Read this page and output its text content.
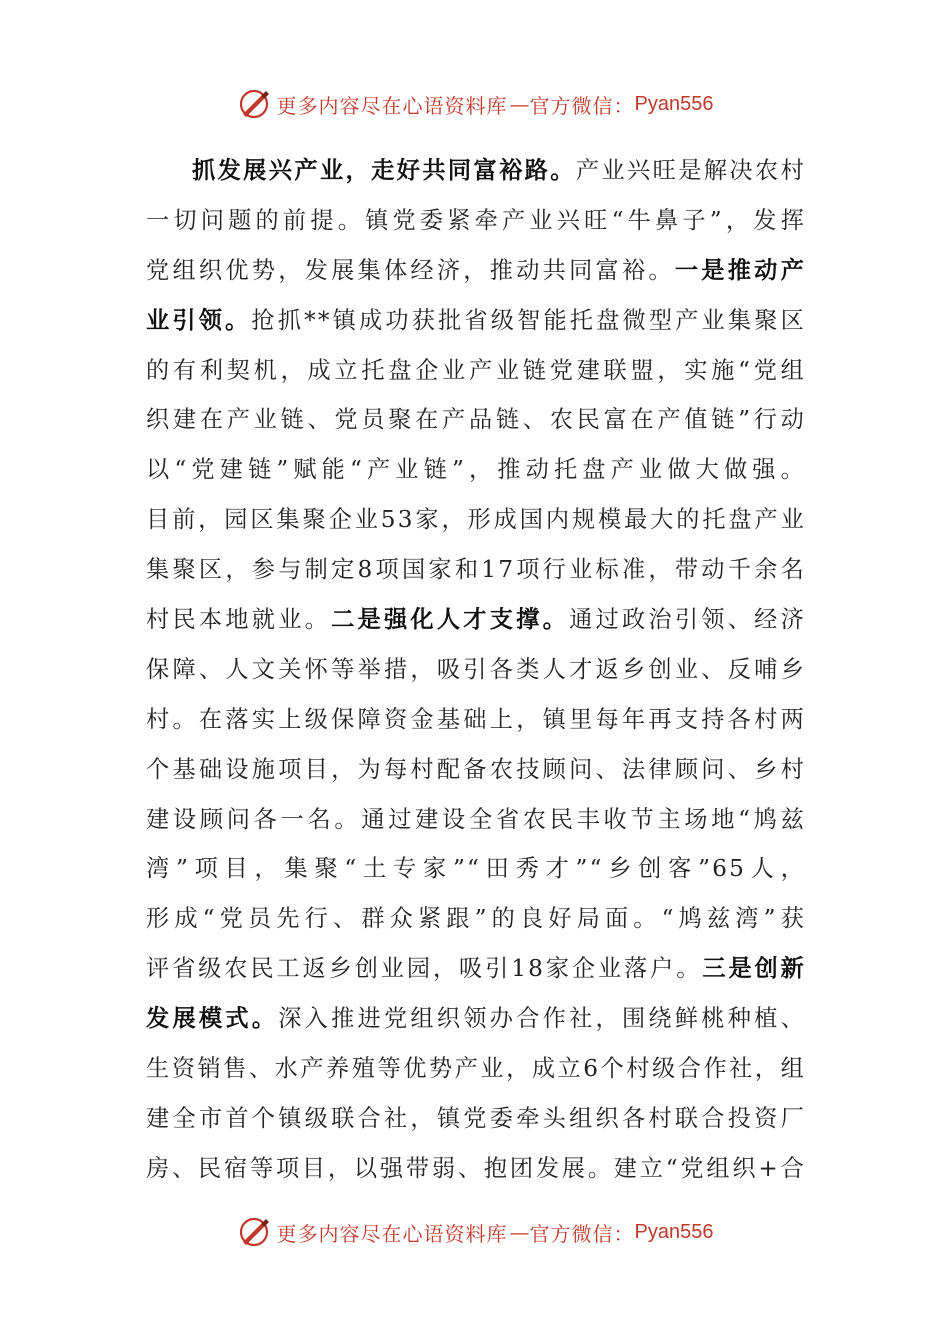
更多内容尽在心语资料库 — 官方微信： Pyan556
抓发展兴产业，走好共同富裕路。产业兴旺是解决农村
一切问题的前提。镇党委紧牵产业兴旺“牛鼻子”，发挥
党组织优势，发展集体经济，推动共同富裕。一是推动产
业引领。抢抓**镇成功获批省级智能托盘微型产业集聚区
的有利契机，成立托盘企业产业链党建联盟，实施“党组
织建在产业链、党员聚在产品链、农民富在产值链”行动
以“党建链”赋能“产业链”，推动托盘产业做大做强。
目前，园区集聚企业53家，形成国内规模最大的托盘产业
集聚区，参与制定8项国家和17项行业标准，带动千余名
村民本地就业。二是强化人才支撑。通过政治引领、经济
保障、人文关怀等举措，吸引各类人才返乡创业、反哺乡
村。在落实上级保障资金基础上，镇里每年再支持各村两
个基础设施项目，为每村配备农技顾问、法律顾问、乡村
建设顾问各一名。通过建设全省农民丰收节主场地“鸠兹
湾”项目，集聚“土专家”“田秀才”“乡创客”65人，
形成“党员先行、群众紧跟”的良好局面。“鸠兹湾”获
评省级农民工返乡创业园，吸引18家企业落户。三是创新
发展模式。深入推进党组织领办合作社，围绕鲜桃种植、
生资销售、水产养殖等优势产业，成立6个村级合作社，组
建全市首个镇级联合社，镇党委牵头组织各村联合投资厂
房、民宿等项目，以强带弱、抱团发展。建立“党组织+合
更多内容尽在心语资料库 — 官方微信： Pyan556
